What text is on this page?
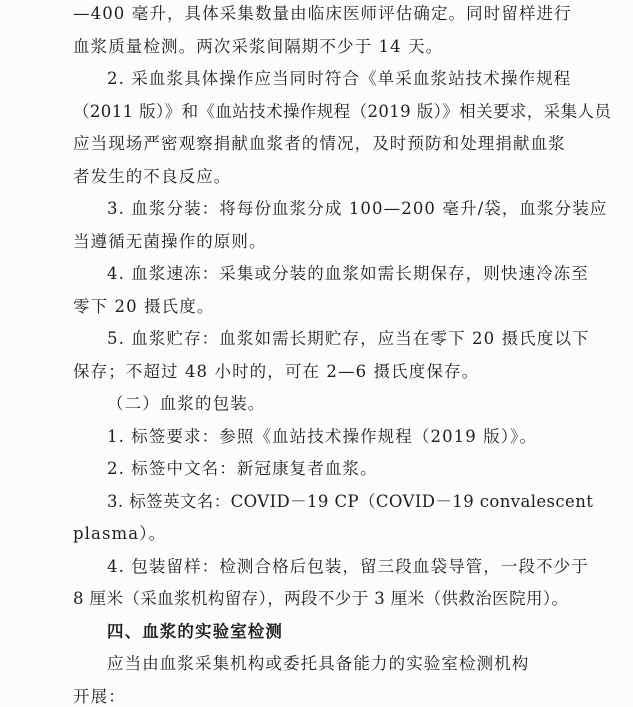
—400 毫升，具体采集数量由临床医师评估确定。同时留样进行
血浆质量检测。两次采浆间隔期不少于 14 天。
2. 采血浆具体操作应当同时符合《单采血浆站技术操作规程
（2011 版）》和《血站技术操作规程（2019 版）》相关要求，采集人员
应当现场严密观察捐献血浆者的情况，及时预防和处理捐献血浆
者发生的不良反应。
3. 血浆分装：将每份血浆分成 100—200 毫升/袋，血浆分装应
当遵循无菌操作的原则。
4. 血浆速冻：采集或分装的血浆如需长期保存，则快速冷冻至
零下 20 摄氏度。
5. 血浆贮存：血浆如需长期贮存，应当在零下 20 摄氏度以下
保存；不超过 48 小时的，可在 2—6 摄氏度保存。
（二）血浆的包装。
1. 标签要求：参照《血站技术操作规程（2019 版）》。
2. 标签中文名：新冠康复者血浆。
3. 标签英文名：COVID－19 CP（COVID－19 convalescent
plasma）。
4. 包装留样：检测合格后包装，留三段血袋导管，一段不少于
8 厘米（采血浆机构留存），两段不少于 3 厘米（供救治医院用）。
四、血浆的实验室检测
应当由血浆采集机构或委托具备能力的实验室检测机构
开展：
